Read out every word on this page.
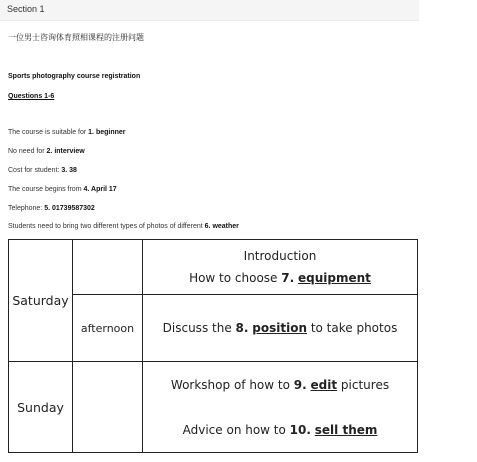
Section 1
一位男士咨询体育照相课程的注册问题
Sports photography course registration
Questions 1-6
The course is suitable for 1. beginner
No need for 2. interview
Cost for student: 3. 38
The course begins from 4. April 17
Telephone: 5. 01739587302
Students need to bring two different types of photos of different 6. weather
Saturday		Introduction
How to choose 7. equipment

	afternoon	Discuss the 8. position to take photos

Sunday		Workshop of how to 9. edit pictures
Advice on how to 10. sell them
